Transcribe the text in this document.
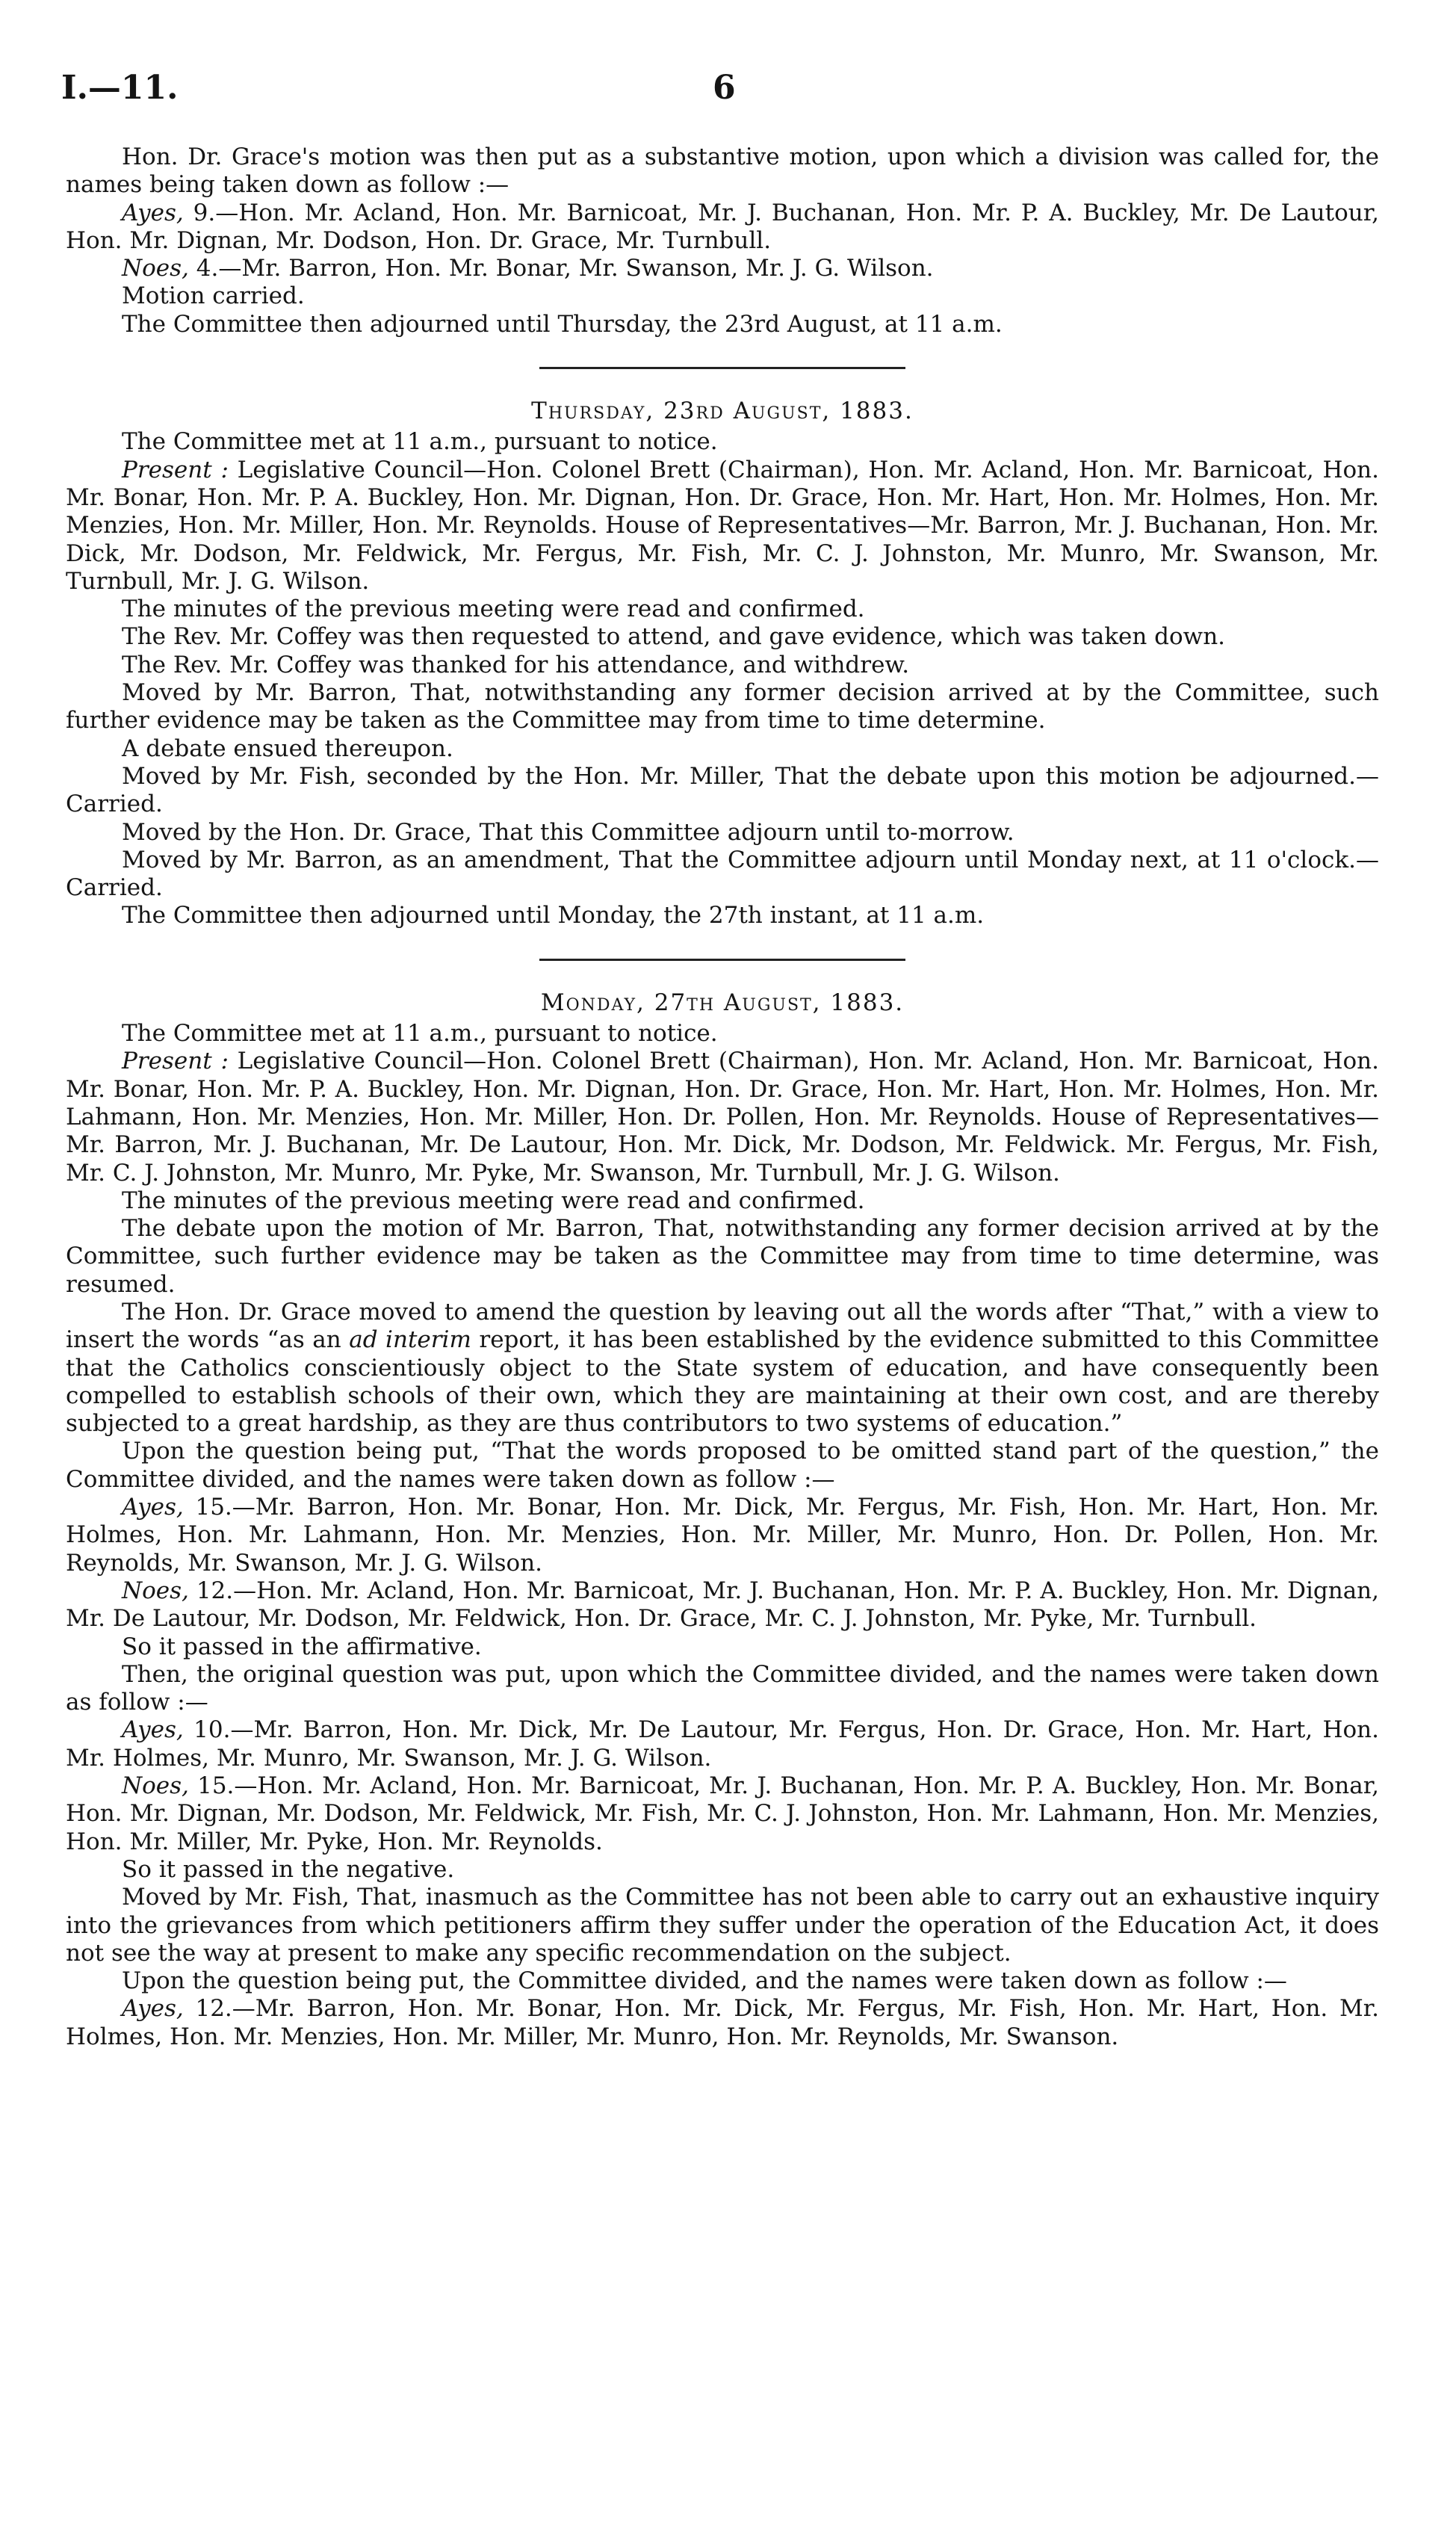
I.—11.	6

Hon. Dr. Grace's motion was then put as a substantive motion, upon which a division was called for, the names being taken down as follow :—

Ayes, 9.—Hon. Mr. Acland, Hon. Mr. Barnicoat, Mr. J. Buchanan, Hon. Mr. P. A. Buckley, Mr. De Lautour, Hon. Mr. Dignan, Mr. Dodson, Hon. Dr. Grace, Mr. Turnbull.

Noes, 4.—Mr. Barron, Hon. Mr. Bonar, Mr. Swanson, Mr. J. G. Wilson.

Motion carried.

The Committee then adjourned until Thursday, the 23rd August, at 11 a.m.

Thursday, 23rd August, 1883.

The Committee met at 11 a.m., pursuant to notice.

Present : Legislative Council—Hon. Colonel Brett (Chairman), Hon. Mr. Acland, Hon. Mr. Barnicoat, Hon. Mr. Bonar, Hon. Mr. P. A. Buckley, Hon. Mr. Dignan, Hon. Dr. Grace, Hon. Mr. Hart, Hon. Mr. Holmes, Hon. Mr. Menzies, Hon. Mr. Miller, Hon. Mr. Reynolds. House of Representatives—Mr. Barron, Mr. J. Buchanan, Hon. Mr. Dick, Mr. Dodson, Mr. Feldwick, Mr. Fergus, Mr. Fish, Mr. C. J. Johnston, Mr. Munro, Mr. Swanson, Mr. Turnbull, Mr. J. G. Wilson.

The minutes of the previous meeting were read and confirmed.

The Rev. Mr. Coffey was then requested to attend, and gave evidence, which was taken down.

The Rev. Mr. Coffey was thanked for his attendance, and withdrew.

Moved by Mr. Barron, That, notwithstanding any former decision arrived at by the Committee, such further evidence may be taken as the Committee may from time to time determine.

A debate ensued thereupon.

Moved by Mr. Fish, seconded by the Hon. Mr. Miller, That the debate upon this motion be adjourned.—Carried.

Moved by the Hon. Dr. Grace, That this Committee adjourn until to-morrow.

Moved by Mr. Barron, as an amendment, That the Committee adjourn until Monday next, at 11 o'clock.—Carried.

The Committee then adjourned until Monday, the 27th instant, at 11 a.m.

Monday, 27th August, 1883.

The Committee met at 11 a.m., pursuant to notice.

Present : Legislative Council—Hon. Colonel Brett (Chairman), Hon. Mr. Acland, Hon. Mr. Barnicoat, Hon. Mr. Bonar, Hon. Mr. P. A. Buckley, Hon. Mr. Dignan, Hon. Dr. Grace, Hon. Mr. Hart, Hon. Mr. Holmes, Hon. Mr. Lahmann, Hon. Mr. Menzies, Hon. Mr. Miller, Hon. Dr. Pollen, Hon. Mr. Reynolds. House of Representatives—Mr. Barron, Mr. J. Buchanan, Mr. De Lautour, Hon. Mr. Dick, Mr. Dodson, Mr. Feldwick. Mr. Fergus, Mr. Fish, Mr. C. J. Johnston, Mr. Munro, Mr. Pyke, Mr. Swanson, Mr. Turnbull, Mr. J. G. Wilson.

The minutes of the previous meeting were read and confirmed.

The debate upon the motion of Mr. Barron, That, notwithstanding any former decision arrived at by the Committee, such further evidence may be taken as the Committee may from time to time determine, was resumed.

The Hon. Dr. Grace moved to amend the question by leaving out all the words after “That,” with a view to insert the words “as an ad interim report, it has been established by the evidence submitted to this Committee that the Catholics conscientiously object to the State system of education, and have consequently been compelled to establish schools of their own, which they are maintaining at their own cost, and are thereby subjected to a great hardship, as they are thus contributors to two systems of education.”

Upon the question being put, “That the words proposed to be omitted stand part of the question,” the Committee divided, and the names were taken down as follow :—

Ayes, 15.—Mr. Barron, Hon. Mr. Bonar, Hon. Mr. Dick, Mr. Fergus, Mr. Fish, Hon. Mr. Hart, Hon. Mr. Holmes, Hon. Mr. Lahmann, Hon. Mr. Menzies, Hon. Mr. Miller, Mr. Munro, Hon. Dr. Pollen, Hon. Mr. Reynolds, Mr. Swanson, Mr. J. G. Wilson.

Noes, 12.—Hon. Mr. Acland, Hon. Mr. Barnicoat, Mr. J. Buchanan, Hon. Mr. P. A. Buckley, Hon. Mr. Dignan, Mr. De Lautour, Mr. Dodson, Mr. Feldwick, Hon. Dr. Grace, Mr. C. J. Johnston, Mr. Pyke, Mr. Turnbull.

So it passed in the affirmative.

Then, the original question was put, upon which the Committee divided, and the names were taken down as follow :—

Ayes, 10.—Mr. Barron, Hon. Mr. Dick, Mr. De Lautour, Mr. Fergus, Hon. Dr. Grace, Hon. Mr. Hart, Hon. Mr. Holmes, Mr. Munro, Mr. Swanson, Mr. J. G. Wilson.

Noes, 15.—Hon. Mr. Acland, Hon. Mr. Barnicoat, Mr. J. Buchanan, Hon. Mr. P. A. Buckley, Hon. Mr. Bonar, Hon. Mr. Dignan, Mr. Dodson, Mr. Feldwick, Mr. Fish, Mr. C. J. Johnston, Hon. Mr. Lahmann, Hon. Mr. Menzies, Hon. Mr. Miller, Mr. Pyke, Hon. Mr. Reynolds.

So it passed in the negative.

Moved by Mr. Fish, That, inasmuch as the Committee has not been able to carry out an exhaustive inquiry into the grievances from which petitioners affirm they suffer under the operation of the Education Act, it does not see the way at present to make any specific recommendation on the subject.

Upon the question being put, the Committee divided, and the names were taken down as follow :—

Ayes, 12.—Mr. Barron, Hon. Mr. Bonar, Hon. Mr. Dick, Mr. Fergus, Mr. Fish, Hon. Mr. Hart, Hon. Mr. Holmes, Hon. Mr. Menzies, Hon. Mr. Miller, Mr. Munro, Hon. Mr. Reynolds, Mr. Swanson.
